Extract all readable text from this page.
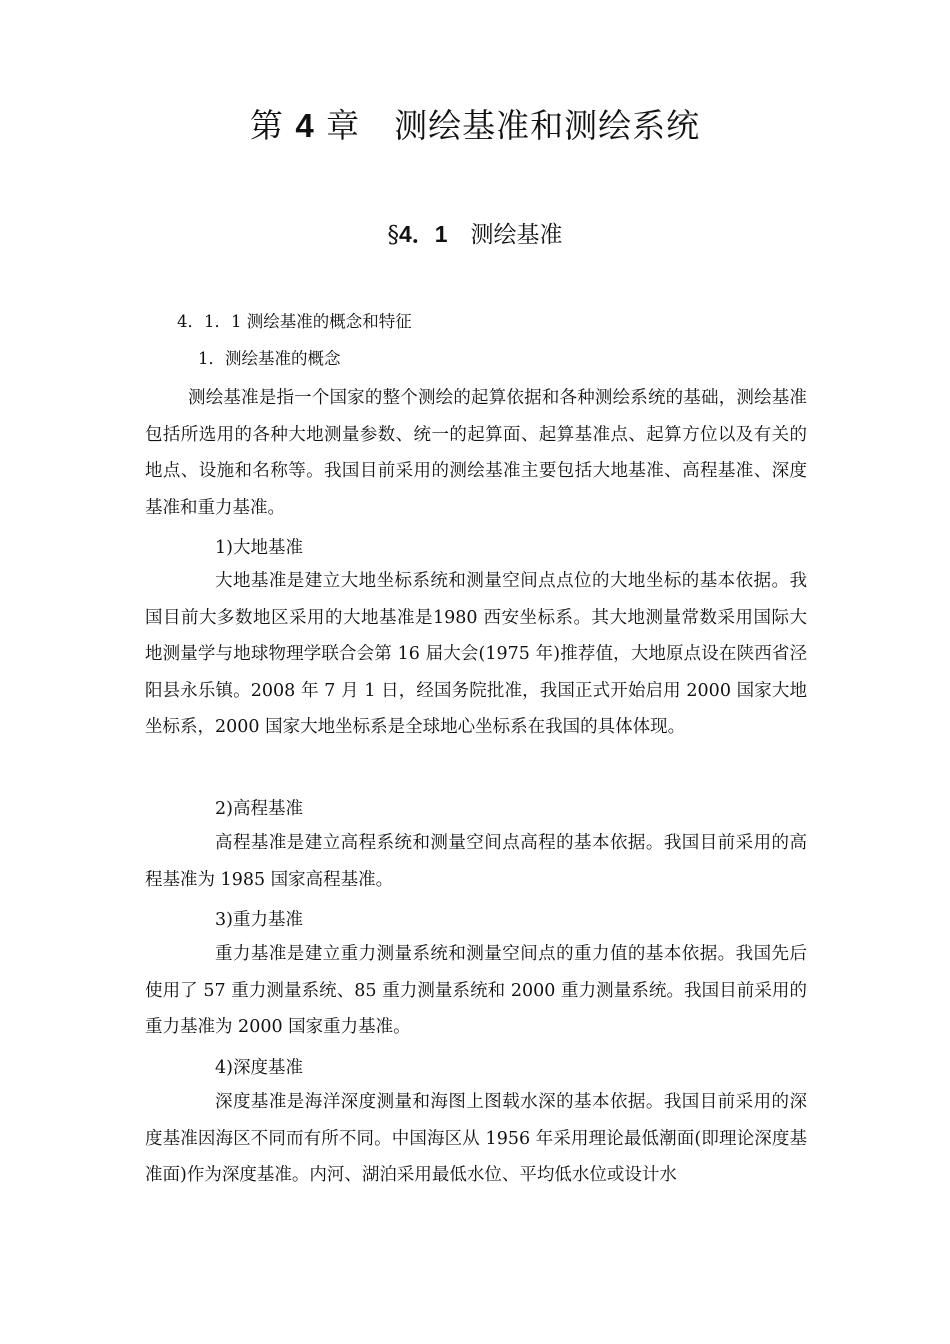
第 4 章  测绘基准和测绘系统
§4．1  测绘基准
4．1．1 测绘基准的概念和特征
1．测绘基准的概念

测绘基准是指一个国家的整个测绘的起算依据和各种测绘系统的基础，测绘基准包括所选用的各种大地测量参数、统一的起算面、起算基准点、起算方位以及有关的地点、设施和名称等。我国目前采用的测绘基准主要包括大地基准、高程基准、深度基准和重力基准。

1)大地基准

大地基准是建立大地坐标系统和测量空间点点位的大地坐标的基本依据。我国目前大多数地区采用的大地基准是1980 西安坐标系。其大地测量常数采用国际大地测量学与地球物理学联合会第 16 届大会(1975 年)推荐值，大地原点设在陕西省泾阳县永乐镇。2008 年 7 月 1 日，经国务院批准，我国正式开始启用 2000 国家大地坐标系，2000 国家大地坐标系是全球地心坐标系在我国的具体体现。

2)高程基准

高程基准是建立高程系统和测量空间点高程的基本依据。我国目前采用的高程基准为 1985 国家高程基准。

3)重力基准

重力基准是建立重力测量系统和测量空间点的重力值的基本依据。我国先后使用了 57 重力测量系统、85 重力测量系统和 2000 重力测量系统。我国目前采用的重力基准为 2000 国家重力基准。

4)深度基准

深度基准是海洋深度测量和海图上图载水深的基本依据。我国目前采用的深度基准因海区不同而有所不同。中国海区从 1956 年采用理论最低潮面(即理论深度基准面)作为深度基准。内河、湖泊采用最低水位、平均低水位或设计水
